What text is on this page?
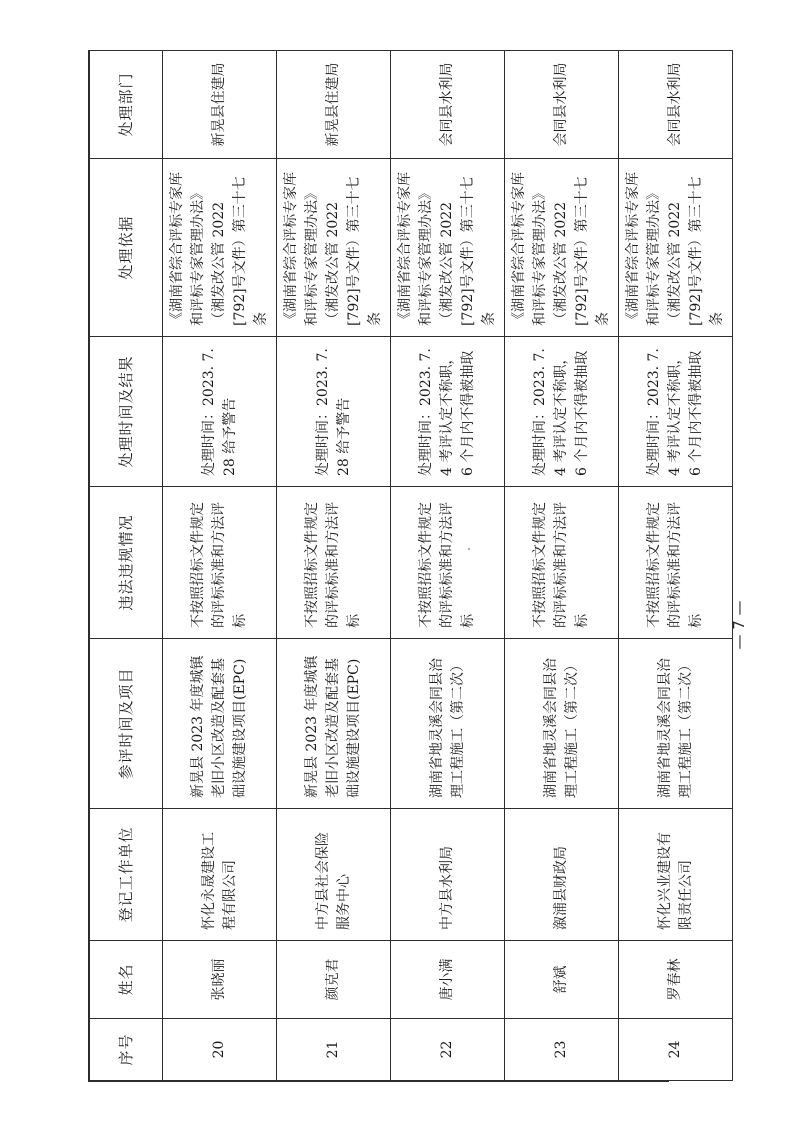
序号	姓名	登记工作单位	参评时间及项目	违法违规情况	处理时间及结果	处理依据	处理部门
20	张晓丽	怀化永晟建设工程有限公司	新晃县 2023 年度城镇老旧小区改造及配套基础设施建设项目(EPC)	不按照招标文件规定的评标标准和方法评标	处理时间：2023. 7. 28 给予警告	《湖南省综合评标专家库和评标专家管理办法》（湘发改公管 2022 [792]号文件）第三十七条	新晃县住建局
21	颜克君	中方县社会保险服务中心	新晃县 2023 年度城镇老旧小区改造及配套基础设施建设项目(EPC)	不按照招标文件规定的评标标准和方法评标	处理时间：2023. 7. 28 给予警告	《湖南省综合评标专家库和评标专家管理办法》（湘发改公管 2022 [792]号文件）第三十七条	新晃县住建局
22	唐小满	中方县水利局	湖南省地灵溪会同县治理工程施工（第二次）	不按照招标文件规定的评标标准和方法评标	处理时间：2023. 7. 4 考评认定不称职，6 个月内不得被抽取	《湖南省综合评标专家库和评标专家管理办法》（湘发改公管 2022 [792]号文件）第三十七条	会同县水利局
23	舒斌	溆浦县财政局	湖南省地灵溪会同县治理工程施工（第二次）	不按照招标文件规定的评标标准和方法评标	处理时间：2023. 7. 4 考评认定不称职，6 个月内不得被抽取	《湖南省综合评标专家库和评标专家管理办法》（湘发改公管 2022 [792]号文件）第三十七条	会同县水利局
24	罗春林	怀化兴业建设有限责任公司	湖南省地灵溪会同县治理工程施工（第二次）	不按照招标文件规定的评标标准和方法评标	处理时间：2023. 7. 4 考评认定不称职，6 个月内不得被抽取	《湖南省综合评标专家库和评标专家管理办法》（湘发改公管 2022 [792]号文件）第三十七条	会同县水利局
— 7 —
